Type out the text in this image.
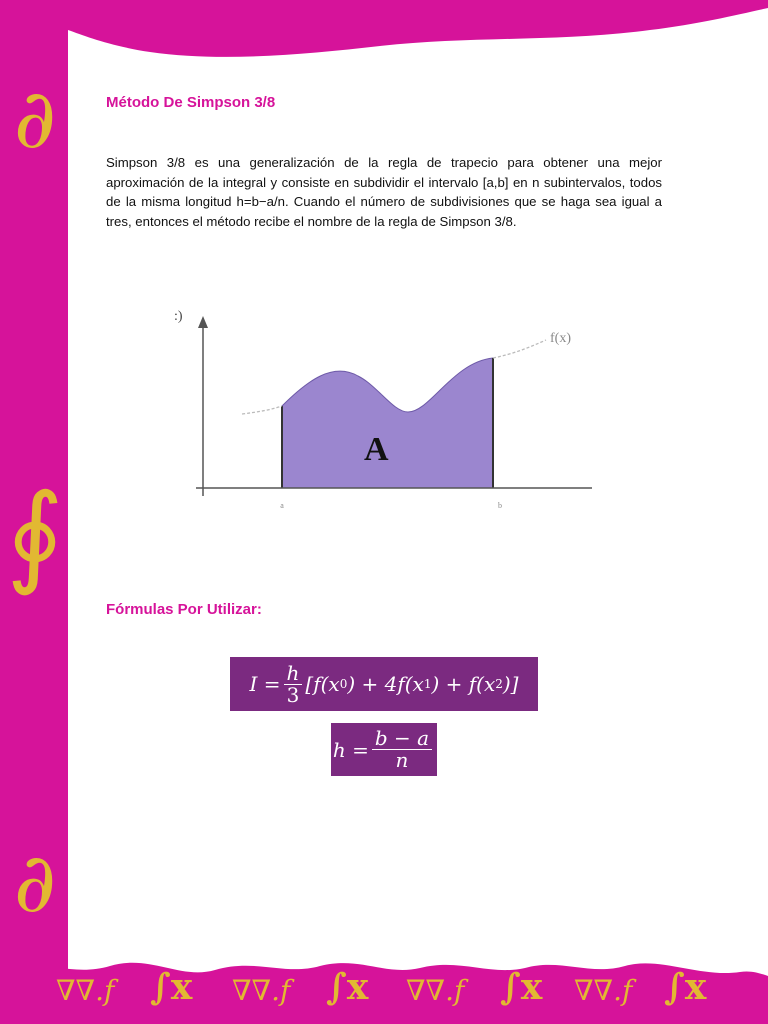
∂
∮
∂
∇∇.f ∫x ∇∇.f ∫x ∇∇.f ∫x ∇∇.f ∫x
Método De Simpson 3/8

Simpson 3/8 es una generalización de la regla de trapecio para obtener una mejor aproximación de la integral y consiste en subdividir el intervalo [a,b] en n subintervalos, todos de la misma longitud h=b−a/n. Cuando el número de subdivisiones que se haga sea igual a tres, entonces el método recibe el nombre de la regla de Simpson 3/8.

Fórmulas Por Utilizar:
:)
f(x)
A
a	b
$I = \frac{h}{3} [f(x$ 0 ) + 4f(x 1 ) + f(x 2 )]
$h = \frac{b - a}{n}$
